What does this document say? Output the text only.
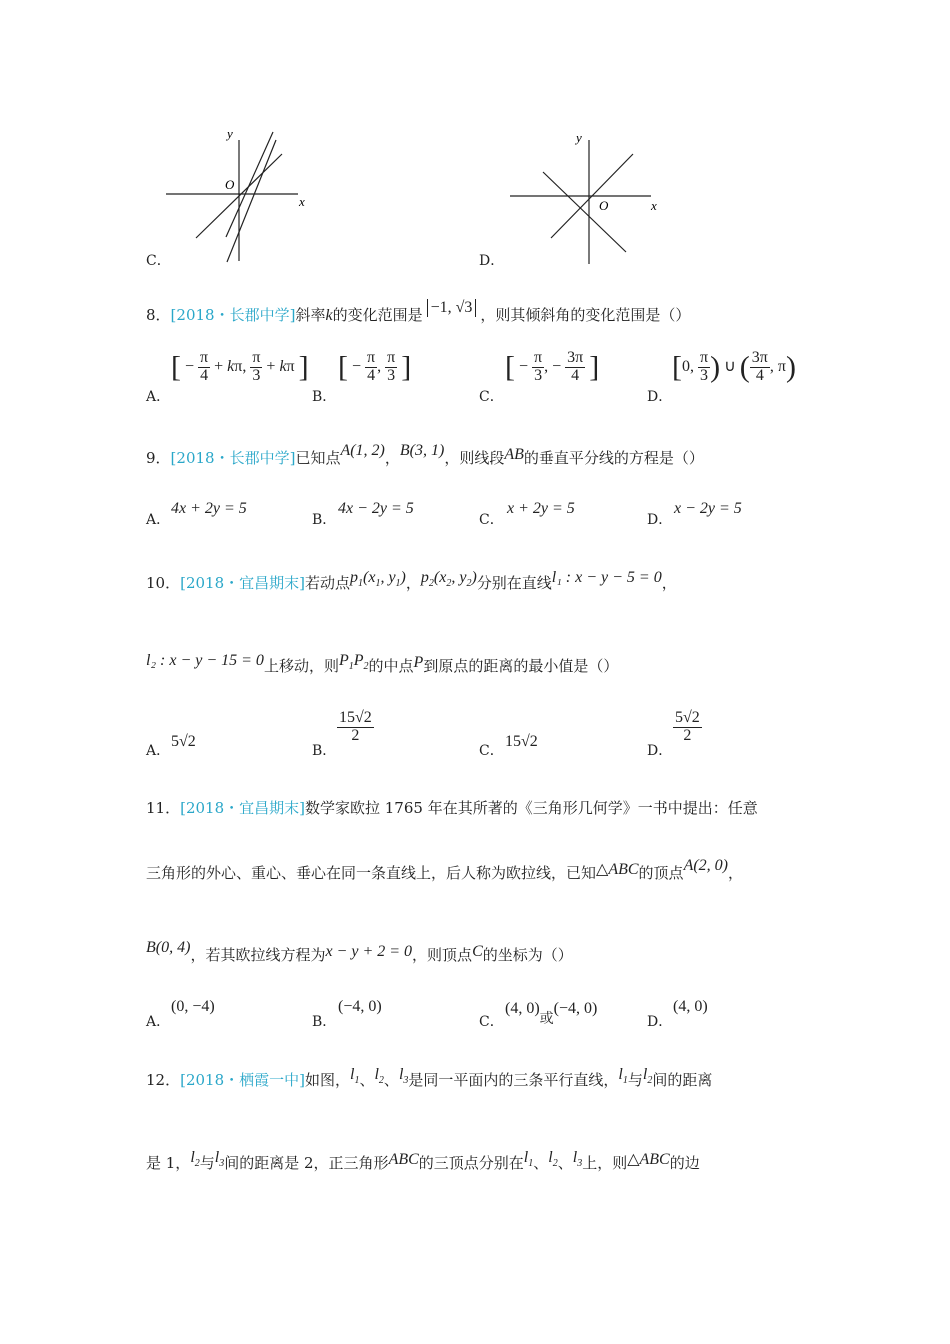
y
x
O
C．
y
x
O
D．
8．[2018・长郡中学]斜率k的变化范围是 −1, √3 ，则其倾斜角的变化范围是（）
A．
[ − $\frac{\pi}{4} + k\pi$, $\frac{\pi}{3} + k\pi$ ]
B．
[ − $\frac{\pi}{4}$ , $\frac{\pi}{3}$ ]
C．
[ − $\frac{\pi}{3}$ , − $\frac{3\pi}{4}$ ]
D．
[0, $\frac{\pi}{3}$ ) ∪ ( $\frac{3\pi}{4}$ , π)
9．[2018・长郡中学]已知点A(1, 2)，B(3, 1)，则线段AB的垂直平分线的方程是（）
A．
4x + 2y = 5
B．
4x − 2y = 5
C．
x + 2y = 5
D．
x − 2y = 5
10．[2018・宜昌期末]若动点$p_1(x_1$, $y_1$)，$p_2(x_2$, $y_2$)分别在直线l₁ : x − y − 5 = 0，
l₂ : x − y − 15 = 0上移动，则$P_1P_2$的中点P到原点的距离的最小值是（）
A．
5√2
B．
$\frac{15√2}{2}$
C．
15√2
D．
$\frac{5√2}{2}$
11．[2018・宜昌期末]数学家欧拉 1765 年在其所著的《三角形几何学》一书中提出：任意
三角形的外心、重心、垂心在同一条直线上，后人称为欧拉线，已知△ABC的顶点A(2, 0)，
B(0, 4)，若其欧拉线方程为x − y + 2 = 0，则顶点C的坐标为（）
A．
(0, −4)
B．
(−4, 0)
C．
(4, 0)或(−4, 0)
D．
(4, 0)
12．[2018・栖霞一中]如图，$l_1$、$l_2$、$l_3$是同一平面内的三条平行直线，$l_1$与$l_2$间的距离
是 1，$l_2$与$l_3$间的距离是 2，正三角形ABC的三顶点分别在$l_1$、$l_2$、$l_3$上，则△ABC的边
